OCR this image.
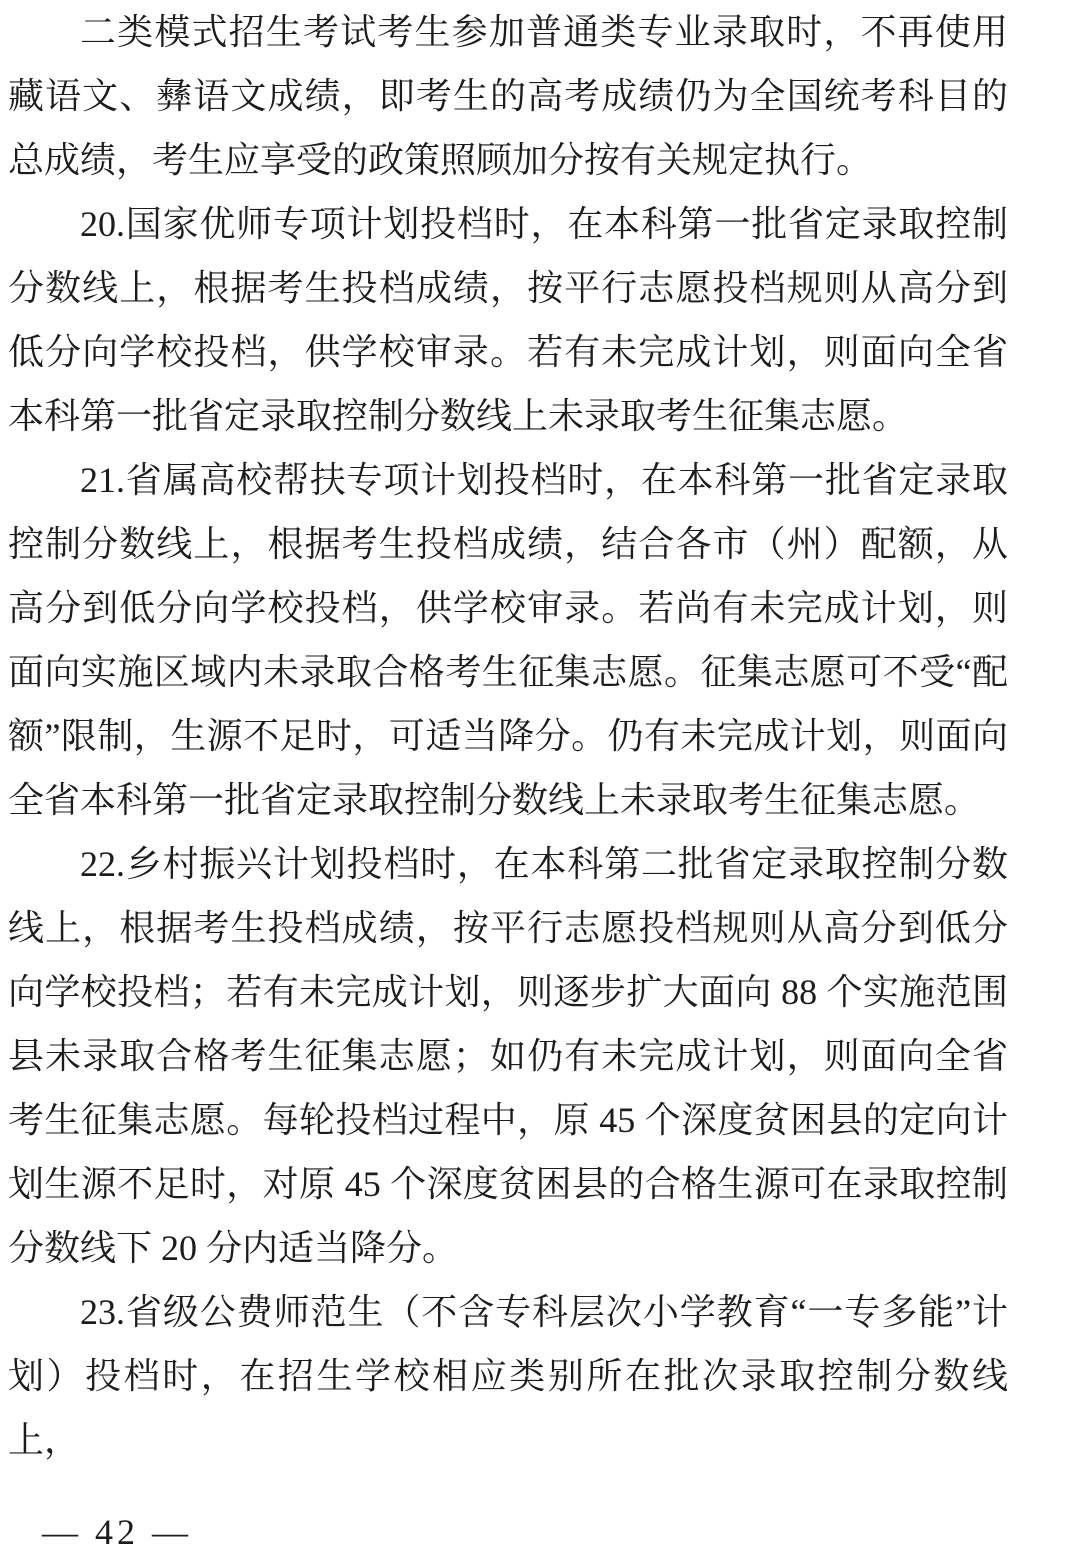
二类模式招生考试考生参加普通类专业录取时，不再使用藏语文、彝语文成绩，即考生的高考成绩仍为全国统考科目的总成绩，考生应享受的政策照顾加分按有关规定执行。

20.国家优师专项计划投档时，在本科第一批省定录取控制分数线上，根据考生投档成绩，按平行志愿投档规则从高分到低分向学校投档，供学校审录。若有未完成计划，则面向全省本科第一批省定录取控制分数线上未录取考生征集志愿。

21.省属高校帮扶专项计划投档时，在本科第一批省定录取控制分数线上，根据考生投档成绩，结合各市（州）配额，从高分到低分向学校投档，供学校审录。若尚有未完成计划，则面向实施区域内未录取合格考生征集志愿。征集志愿可不受“配额”限制，生源不足时，可适当降分。仍有未完成计划，则面向全省本科第一批省定录取控制分数线上未录取考生征集志愿。

22.乡村振兴计划投档时，在本科第二批省定录取控制分数线上，根据考生投档成绩，按平行志愿投档规则从高分到低分向学校投档；若有未完成计划，则逐步扩大面向 88 个实施范围县未录取合格考生征集志愿；如仍有未完成计划，则面向全省考生征集志愿。每轮投档过程中，原 45 个深度贫困县的定向计划生源不足时，对原 45 个深度贫困县的合格生源可在录取控制分数线下 20 分内适当降分。

23.省级公费师范生（不含专科层次小学教育“一专多能”计划）投档时，在招生学校相应类别所在批次录取控制分数线上，

— 42 —
